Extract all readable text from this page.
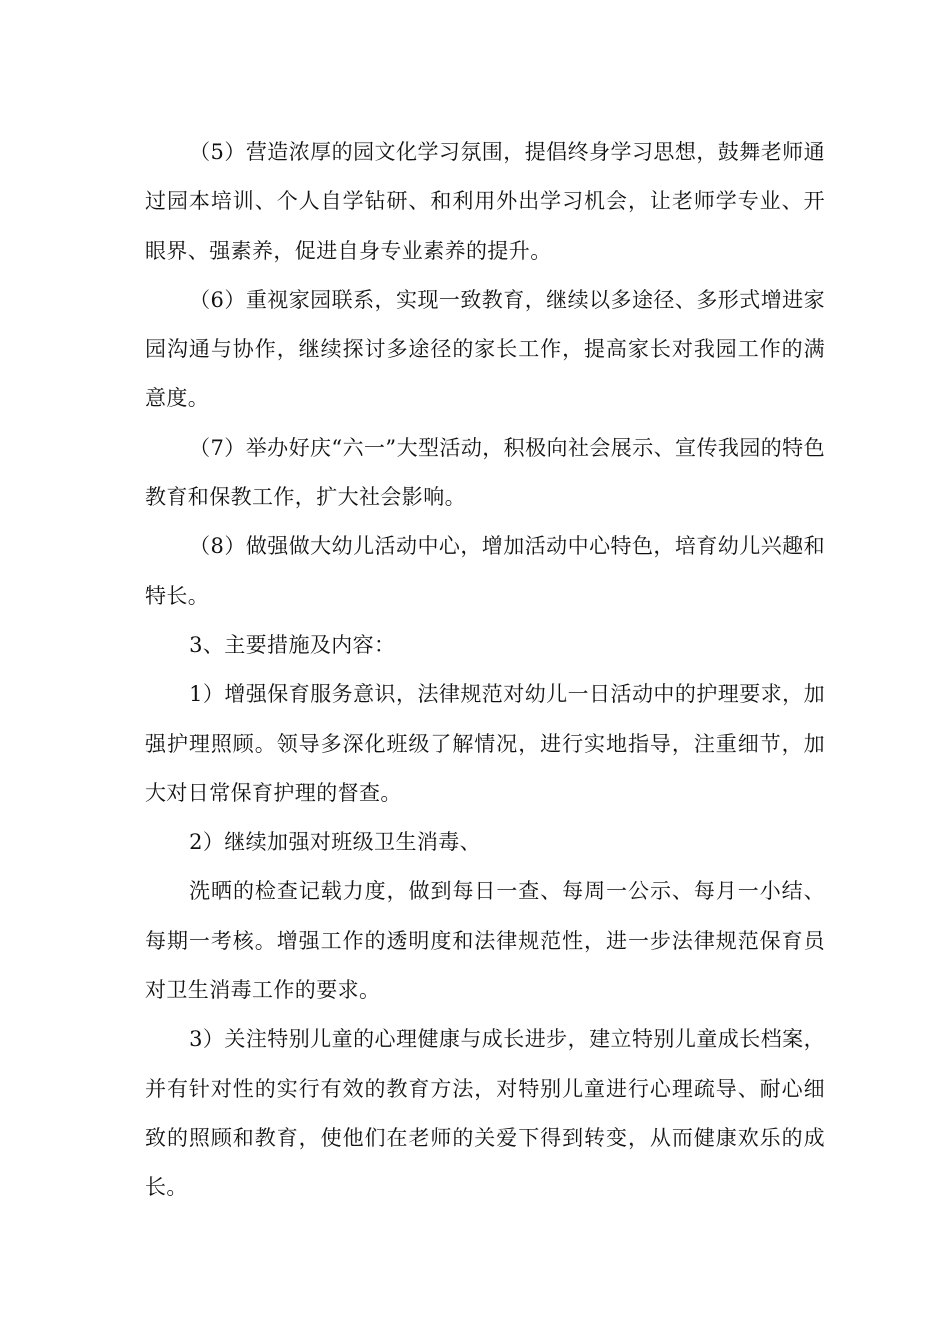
（5）营造浓厚的园文化学习氛围，提倡终身学习思想，鼓舞老师通过园本培训、个人自学钻研、和利用外出学习机会，让老师学专业、开眼界、强素养，促进自身专业素养的提升。

（6）重视家园联系，实现一致教育，继续以多途径、多形式增进家园沟通与协作，继续探讨多途径的家长工作，提高家长对我园工作的满意度。

（7）举办好庆“六一”大型活动，积极向社会展示、宣传我园的特色教育和保教工作，扩大社会影响。

（8）做强做大幼儿活动中心，增加活动中心特色，培育幼儿兴趣和特长。

3、主要措施及内容：

1）增强保育服务意识，法律规范对幼儿一日活动中的护理要求，加强护理照顾。领导多深化班级了解情况，进行实地指导，注重细节，加大对日常保育护理的督查。

2）继续加强对班级卫生消毒、

洗晒的检查记载力度，做到每日一查、每周一公示、每月一小结、每期一考核。增强工作的透明度和法律规范性，进一步法律规范保育员对卫生消毒工作的要求。

3）关注特别儿童的心理健康与成长进步，建立特别儿童成长档案，并有针对性的实行有效的教育方法，对特别儿童进行心理疏导、耐心细致的照顾和教育，使他们在老师的关爱下得到转变，从而健康欢乐的成长。
